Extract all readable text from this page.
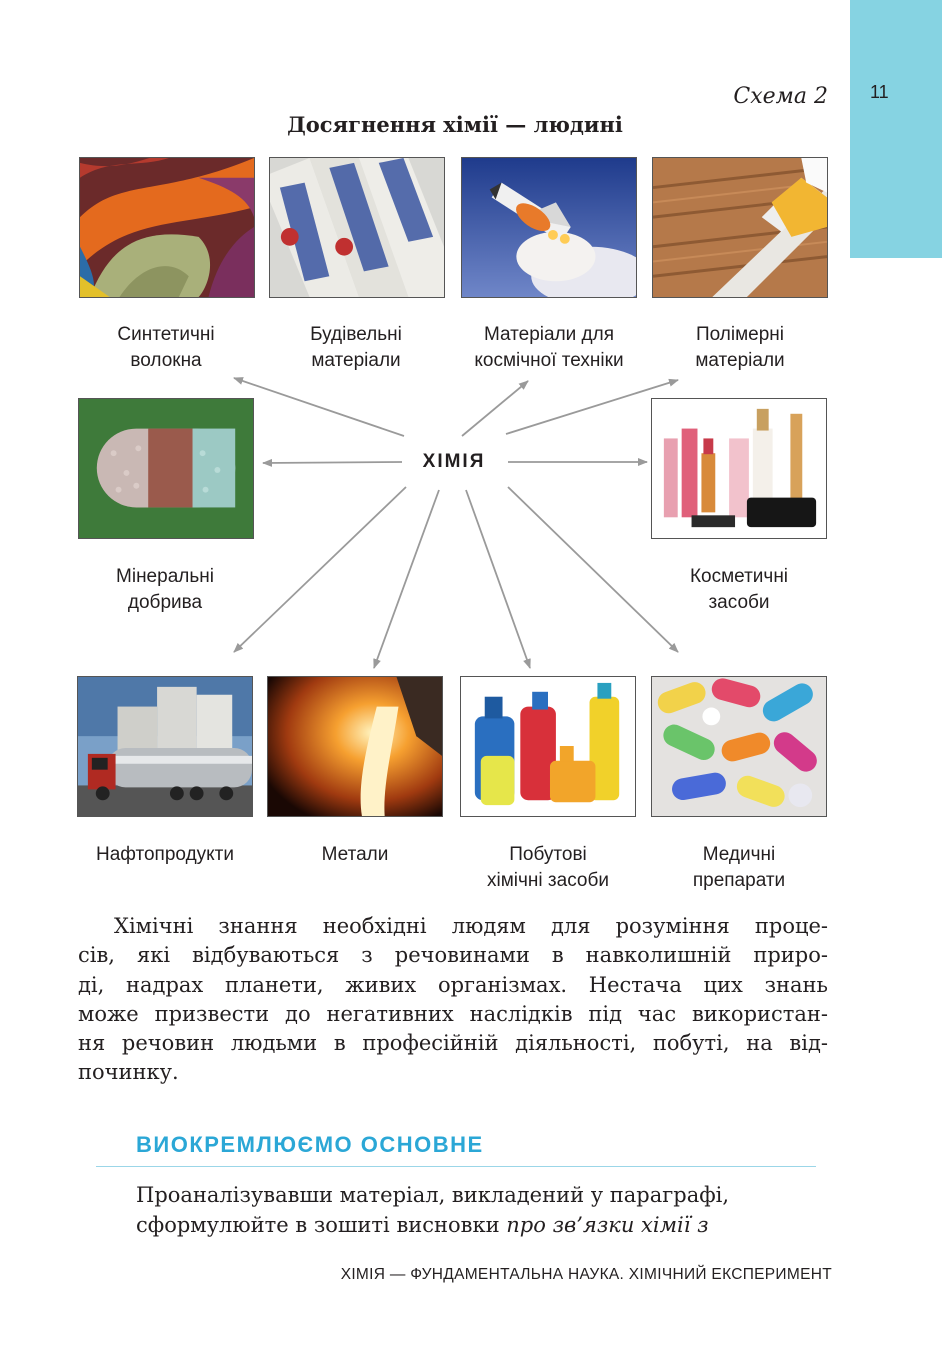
11
Схема 2
Досягнення хімії — людині
ХІМІЯ
Синтетичні
волокна
Будівельні
матеріали
Матеріали для
космічної техніки
Полімерні
матеріали
Мінеральні
добрива
Косметичні
засоби
Нафтопродукти	Метали	Побутові
хімічні засоби
Медичні
препарати
Хімічні знання необхідні людям для розуміння проце-
сів, які відбуваються з речовинами в навколишній приро-
ді, надрах планети, живих організмах. Нестача цих знань
може призвести до негативних наслідків під час використан-
ня речовин людьми в професійній діяльності, побуті, на від-
починку.
ВИОКРЕМЛЮЄМО ОСНОВНЕ
Проаналізувавши матеріал, викладений у параграфі,
сформулюйте в зошиті висновки про зв’язки хімії з
ХІМІЯ — ФУНДАМЕНТАЛЬНА НАУКА. ХІМІЧНИЙ ЕКСПЕРИМЕНТ
